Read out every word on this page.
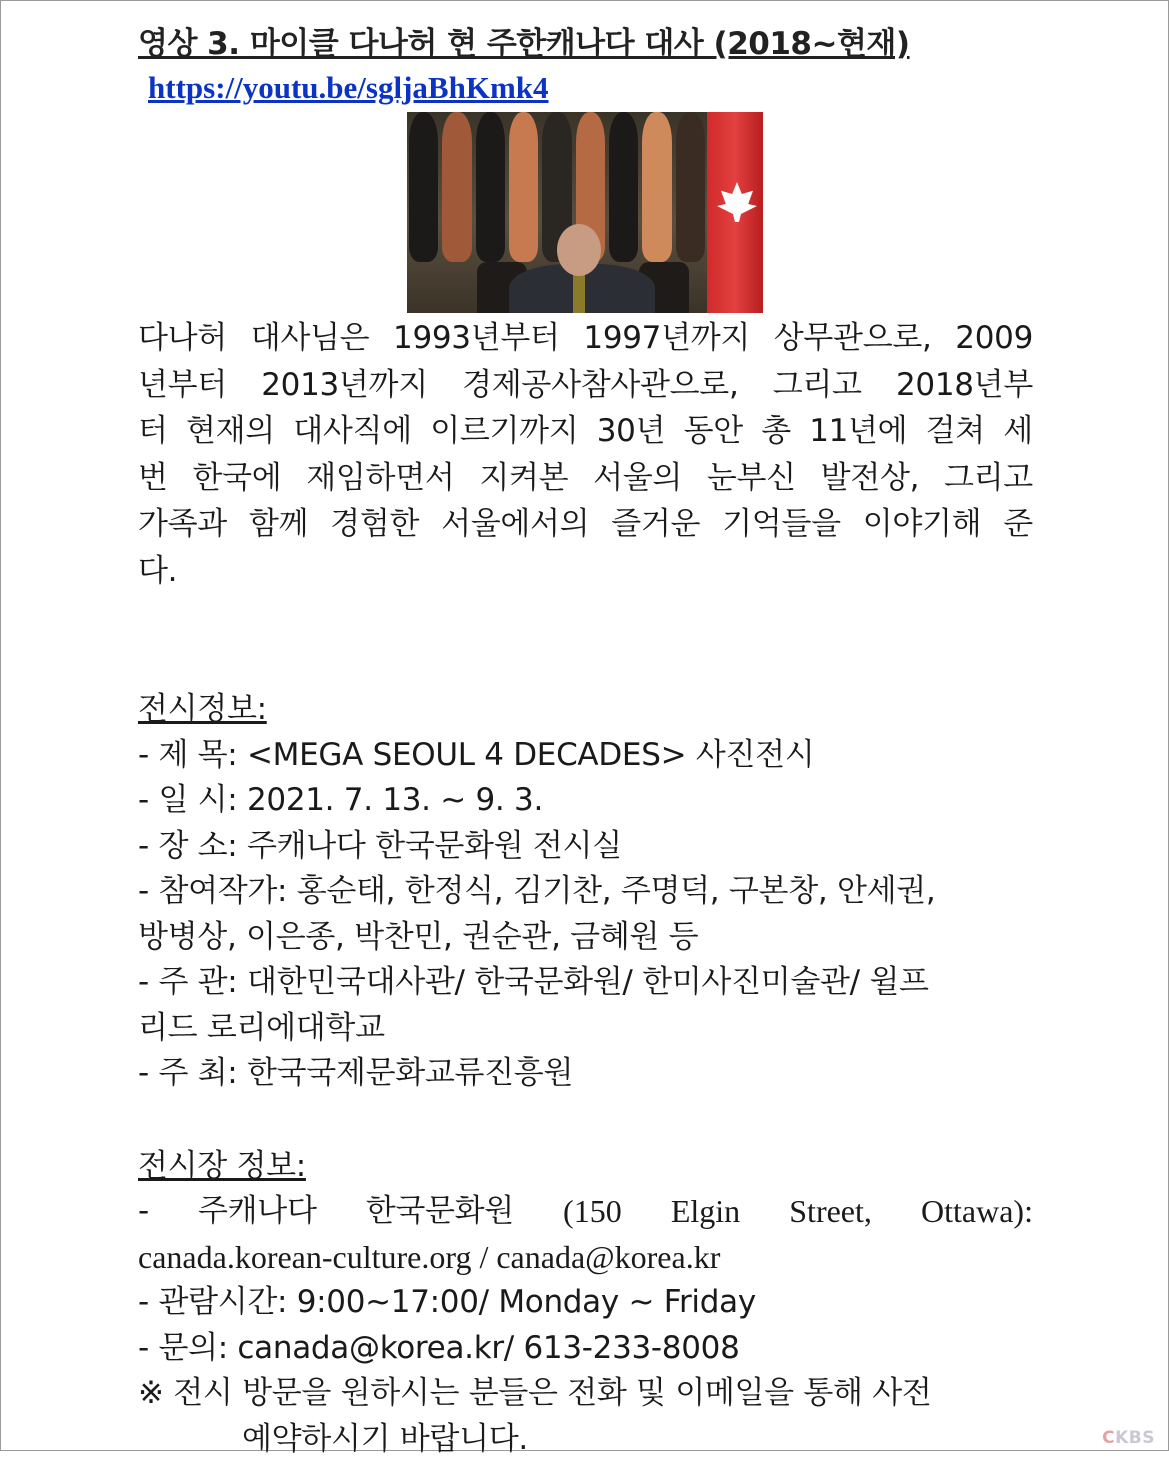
영상 3. 마이클 다나허 현 주한캐나다 대사 (2018~현재)
https://youtu.be/sgljaBhKmk4
다나허 대사님은 1993년부터 1997년까지 상무관으로, 2009
년부터 2013년까지 경제공사참사관으로, 그리고 2018년부
터 현재의 대사직에 이르기까지 30년 동안 총 11년에 걸쳐 세
번 한국에 재임하면서 지켜본 서울의 눈부신 발전상, 그리고
가족과 함께 경험한 서울에서의 즐거운 기억들을 이야기해 준
다.
전시정보:
- 제 목: <MEGA SEOUL 4 DECADES> 사진전시
- 일 시: 2021. 7. 13. ~ 9. 3.
- 장 소: 주캐나다 한국문화원 전시실
- 참여작가: 홍순태, 한정식, 김기찬, 주명덕, 구본창, 안세권,
방병상, 이은종, 박찬민, 권순관, 금혜원 등
- 주 관: 대한민국대사관/ 한국문화원/ 한미사진미술관/ 윌프
리드 로리에대학교
- 주 최: 한국국제문화교류진흥원
전시장 정보:
- 주캐나다 한국문화원 (150 Elgin Street, Ottawa):
canada.korean-culture.org / canada@korea.kr
- 관람시간: 9:00~17:00/ Monday ~ Friday
- 문의: canada@korea.kr/ 613-233-8008
※ 전시 방문을 원하시는 분들은 전화 및 이메일을 통해 사전
예약하시기 바랍니다.	CKBS
